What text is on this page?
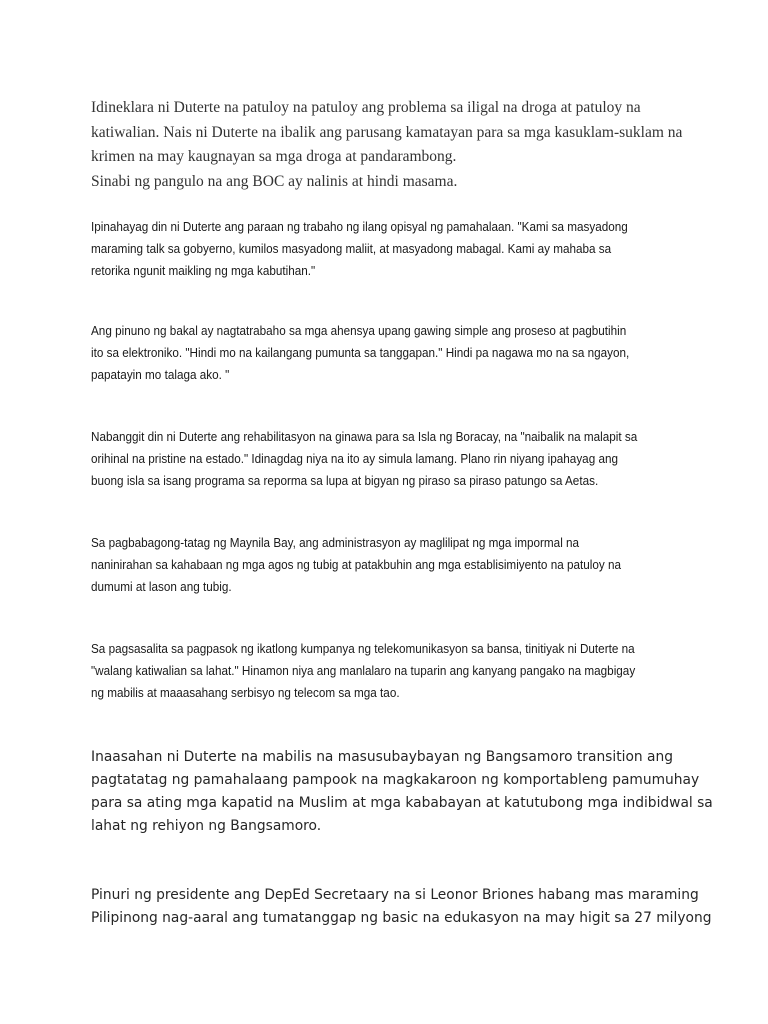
Idineklara ni Duterte na patuloy na patuloy ang problema sa iligal na droga at patuloy na
katiwalian. Nais ni Duterte na ibalik ang parusang kamatayan para sa mga kasuklam-suklam na
krimen na may kaugnayan sa mga droga at pandarambong.
Sinabi ng pangulo na ang BOC ay nalinis at hindi masama.
Ipinahayag din ni Duterte ang paraan ng trabaho ng ilang opisyal ng pamahalaan. "Kami sa masyadong
maraming talk sa gobyerno, kumilos masyadong maliit, at masyadong mabagal. Kami ay mahaba sa
retorika ngunit maikling ng mga kabutihan."
Ang pinuno ng bakal ay nagtatrabaho sa mga ahensya upang gawing simple ang proseso at pagbutihin
ito sa elektroniko. "Hindi mo na kailangang pumunta sa tanggapan." Hindi pa nagawa mo na sa ngayon,
papatayin mo talaga ako. "
Nabanggit din ni Duterte ang rehabilitasyon na ginawa para sa Isla ng Boracay, na "naibalik na malapit sa
orihinal na pristine na estado." Idinagdag niya na ito ay simula lamang. Plano rin niyang ipahayag ang
buong isla sa isang programa sa reporma sa lupa at bigyan ng piraso sa piraso patungo sa Aetas.
Sa pagbabagong-tatag ng Maynila Bay, ang administrasyon ay maglilipat ng mga impormal na
naninirahan sa kahabaan ng mga agos ng tubig at patakbuhin ang mga establisimiyento na patuloy na
dumumi at lason ang tubig.
Sa pagsasalita sa pagpasok ng ikatlong kumpanya ng telekomunikasyon sa bansa, tinitiyak ni Duterte na
"walang katiwalian sa lahat." Hinamon niya ang manlalaro na tuparin ang kanyang pangako na magbigay
ng mabilis at maaasahang serbisyo ng telecom sa mga tao.
Inaasahan ni Duterte na mabilis na masusubaybayan ng Bangsamoro transition ang
pagtatatag ng pamahalaang pampook na magkakaroon ng komportableng pamumuhay
para sa ating mga kapatid na Muslim at mga kababayan at katutubong mga indibidwal sa
lahat ng rehiyon ng Bangsamoro.
Pinuri ng presidente ang DepEd Secretaary na si Leonor Briones habang mas maraming
Pilipinong nag-aaral ang tumatanggap ng basic na edukasyon na may higit sa 27 milyong
